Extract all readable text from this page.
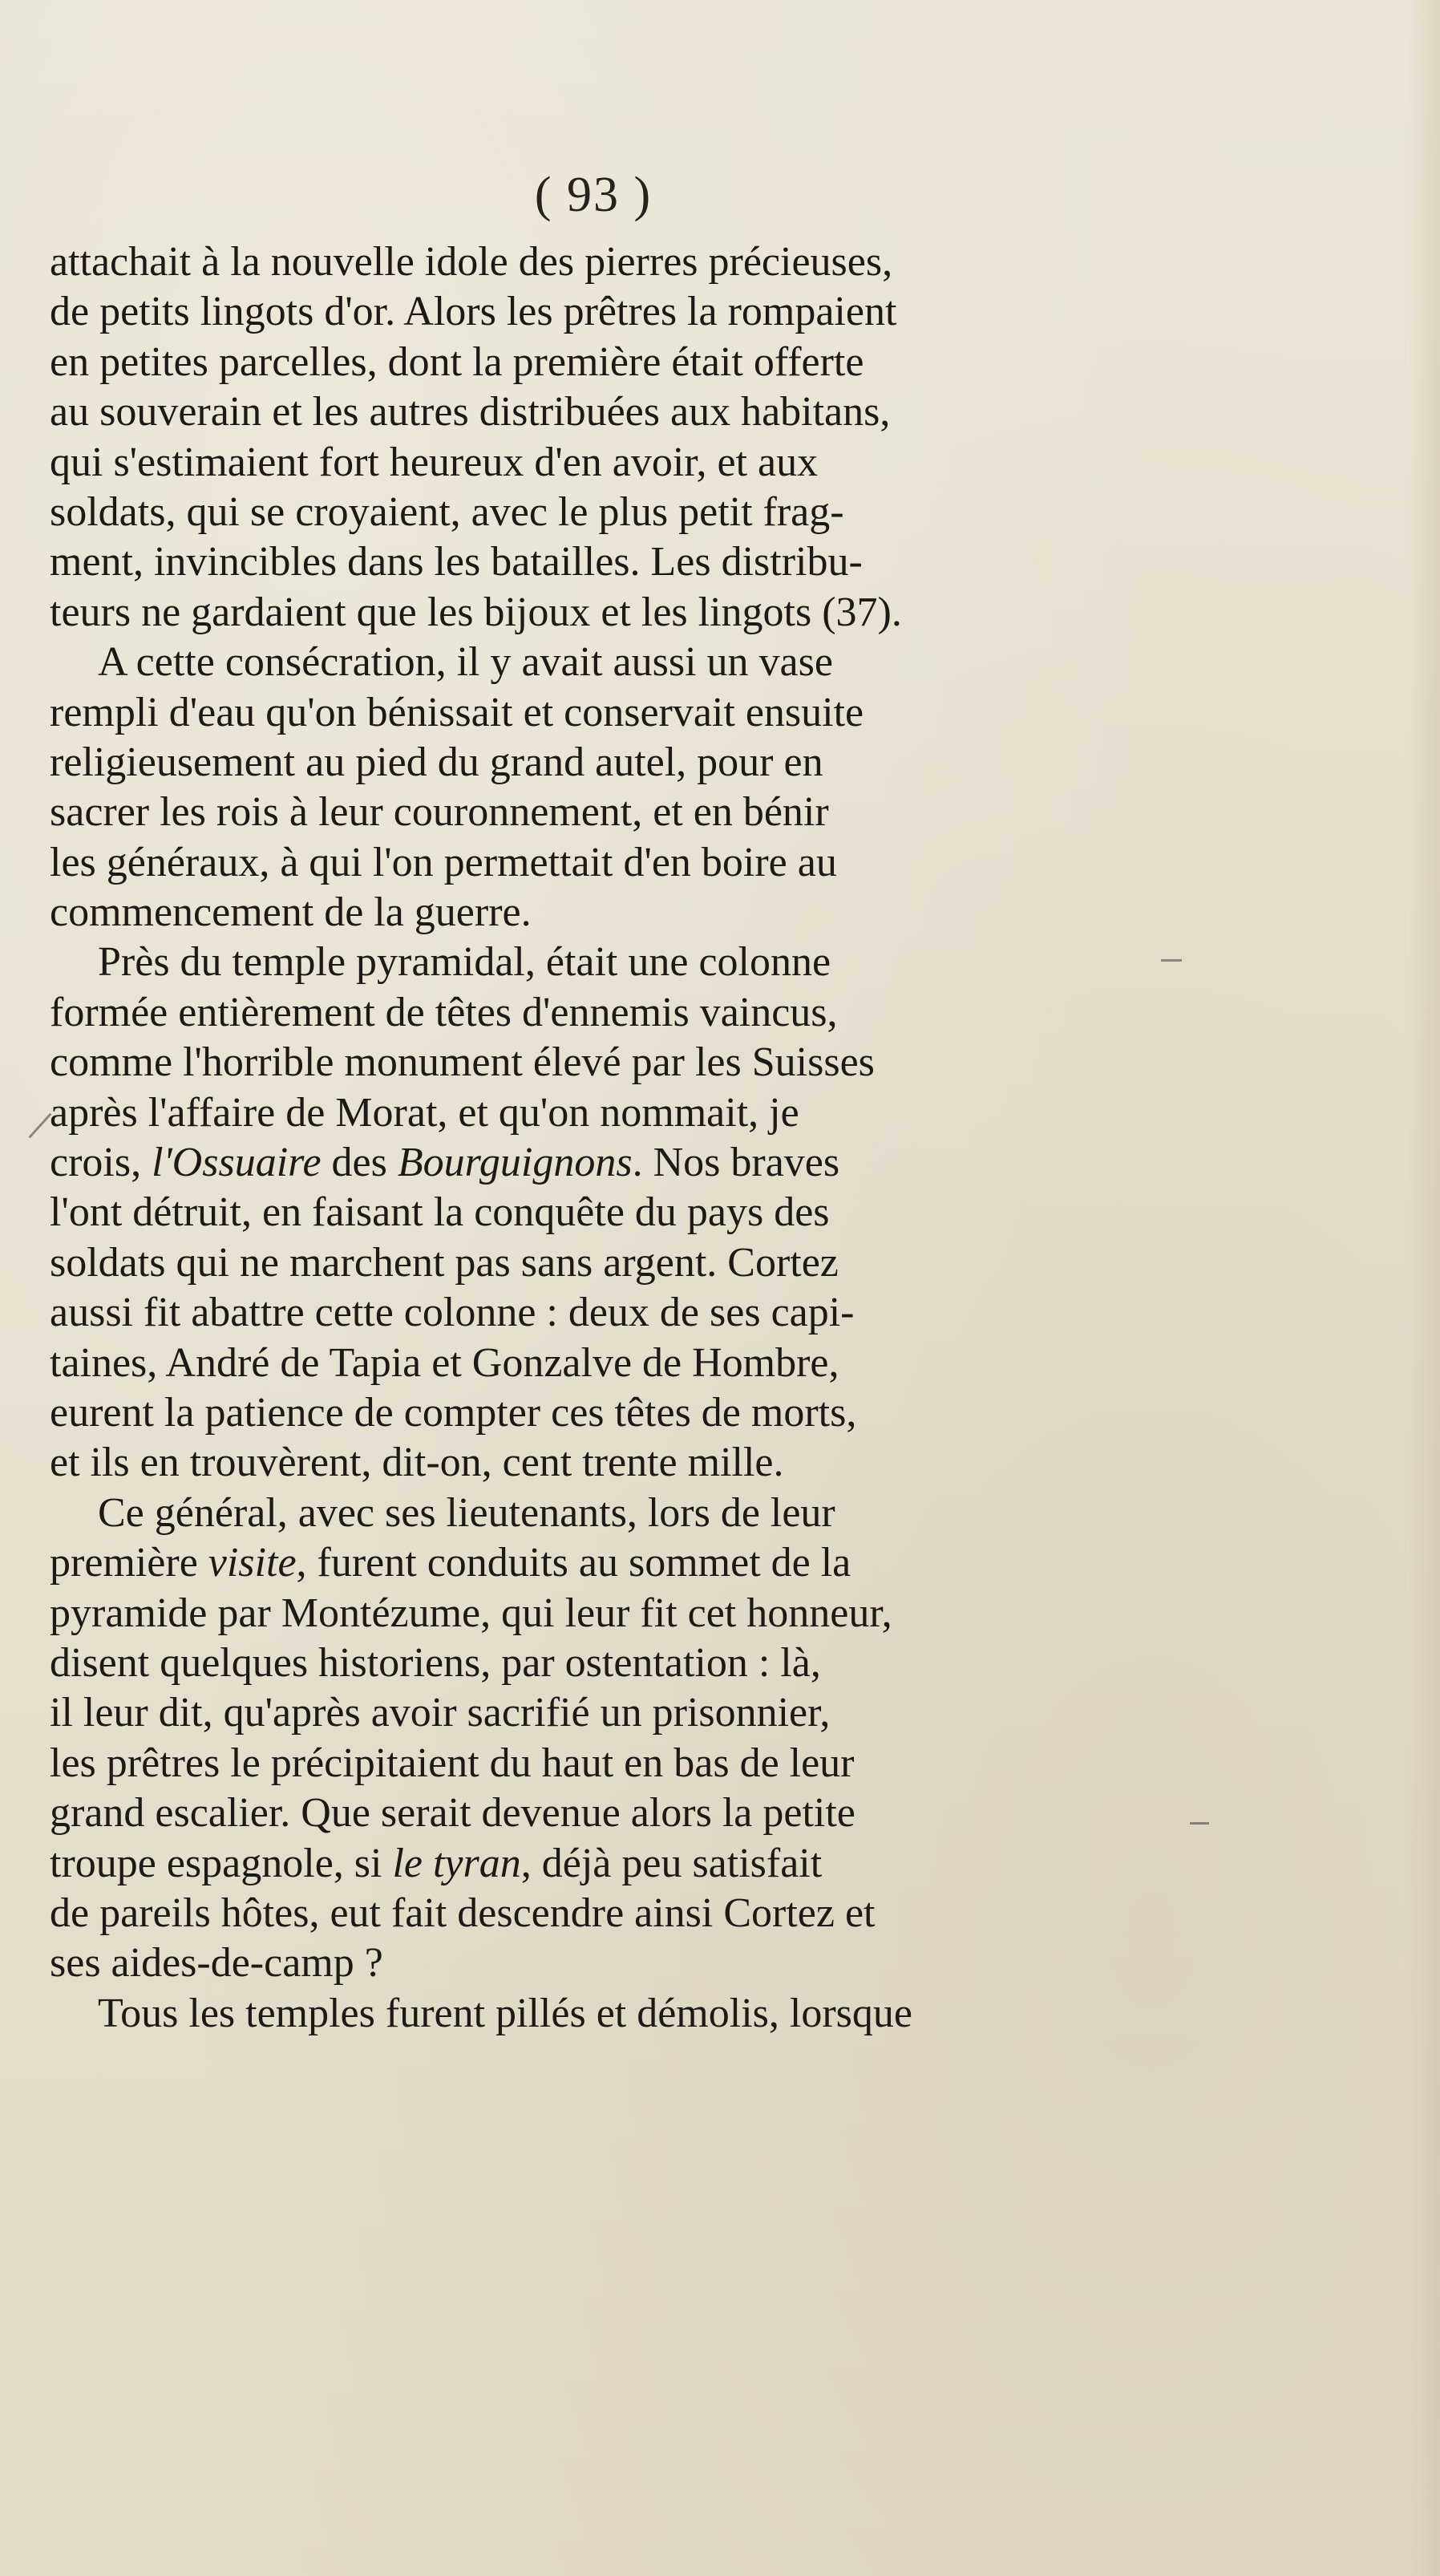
( 93 )
attachait à la nouvelle idole des pierres précieuses,
de petits lingots d'or. Alors les prêtres la rompaient
en petites parcelles, dont la première était offerte
au souverain et les autres distribuées aux habitans,
qui s'estimaient fort heureux d'en avoir, et aux
soldats, qui se croyaient, avec le plus petit frag-
ment, invincibles dans les batailles. Les distribu-
teurs ne gardaient que les bijoux et les lingots (37).
A cette consécration, il y avait aussi un vase
rempli d'eau qu'on bénissait et conservait ensuite
religieusement au pied du grand autel, pour en
sacrer les rois à leur couronnement, et en bénir
les généraux, à qui l'on permettait d'en boire au
commencement de la guerre.
Près du temple pyramidal, était une colonne
formée entièrement de têtes d'ennemis vaincus,
comme l'horrible monument élevé par les Suisses
après l'affaire de Morat, et qu'on nommait, je
crois, l'Ossuaire des Bourguignons. Nos braves
l'ont détruit, en faisant la conquête du pays des
soldats qui ne marchent pas sans argent. Cortez
aussi fit abattre cette colonne : deux de ses capi-
taines, André de Tapia et Gonzalve de Hombre,
eurent la patience de compter ces têtes de morts,
et ils en trouvèrent, dit-on, cent trente mille.
Ce général, avec ses lieutenants, lors de leur
première visite, furent conduits au sommet de la
pyramide par Montézume, qui leur fit cet honneur,
disent quelques historiens, par ostentation : là,
il leur dit, qu'après avoir sacrifié un prisonnier,
les prêtres le précipitaient du haut en bas de leur
grand escalier. Que serait devenue alors la petite
troupe espagnole, si le tyran, déjà peu satisfait
de pareils hôtes, eut fait descendre ainsi Cortez et
ses aides-de-camp ?
Tous les temples furent pillés et démolis, lorsque
